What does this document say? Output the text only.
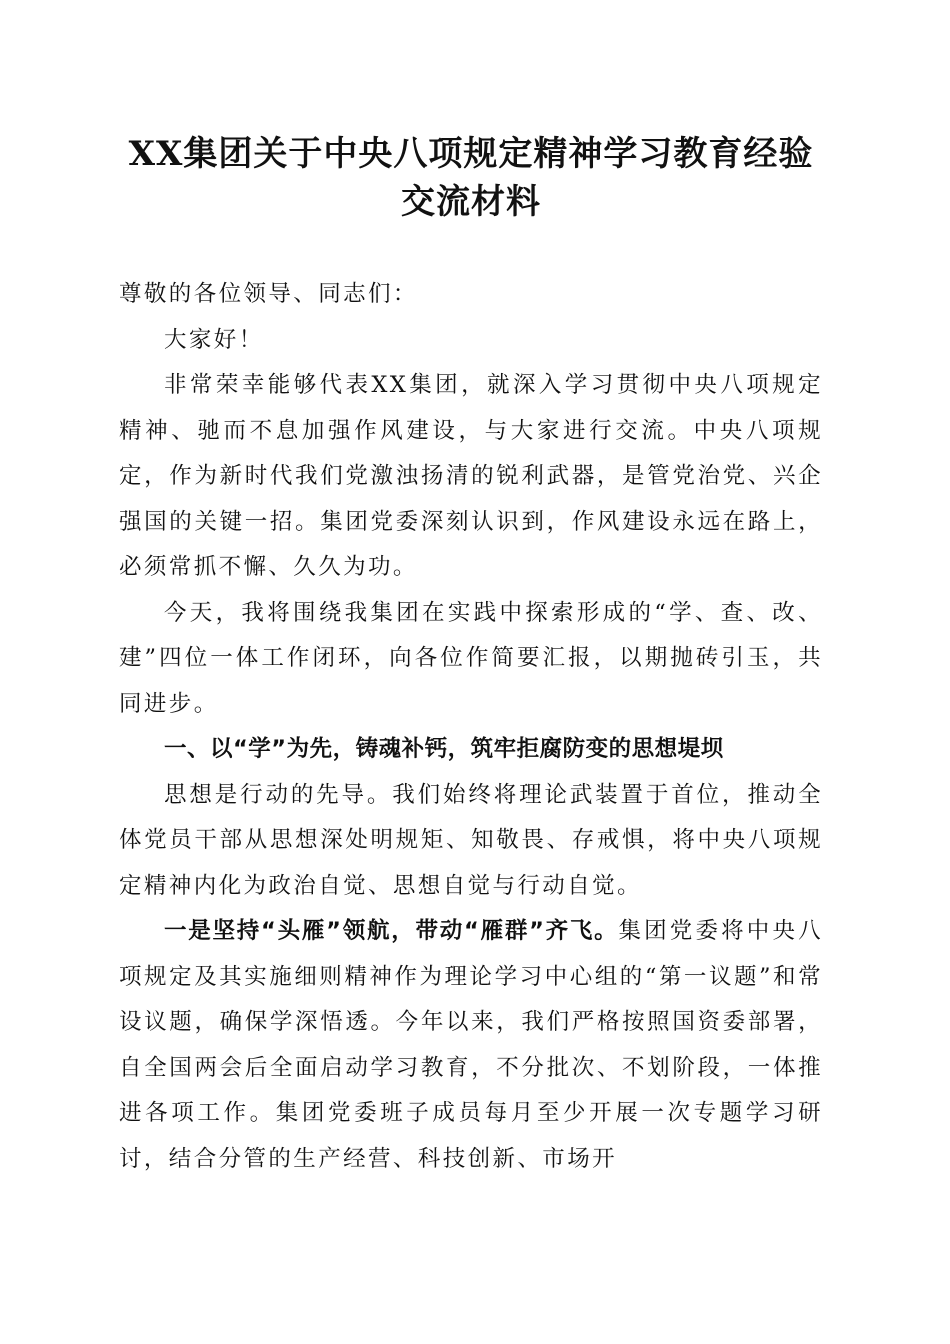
XX集团关于中央八项规定精神学习教育经验交流材料

尊敬的各位领导、同志们：

大家好！

非常荣幸能够代表XX集团，就深入学习贯彻中央八项规定精神、驰而不息加强作风建设，与大家进行交流。中央八项规定，作为新时代我们党激浊扬清的锐利武器，是管党治党、兴企强国的关键一招。集团党委深刻认识到，作风建设永远在路上，必须常抓不懈、久久为功。

今天，我将围绕我集团在实践中探索形成的“学、查、改、建”四位一体工作闭环，向各位作简要汇报，以期抛砖引玉，共同进步。

一、以“学”为先，铸魂补钙，筑牢拒腐防变的思想堤坝

思想是行动的先导。我们始终将理论武装置于首位，推动全体党员干部从思想深处明规矩、知敬畏、存戒惧，将中央八项规定精神内化为政治自觉、思想自觉与行动自觉。

一是坚持“头雁”领航，带动“雁群”齐飞。集团党委将中央八项规定及其实施细则精神作为理论学习中心组的“第一议题”和常设议题，确保学深悟透。今年以来，我们严格按照国资委部署，自全国两会后全面启动学习教育，不分批次、不划阶段，一体推进各项工作。集团党委班子成员每月至少开展一次专题学习研讨，结合分管的生产经营、科技创新、市场开
